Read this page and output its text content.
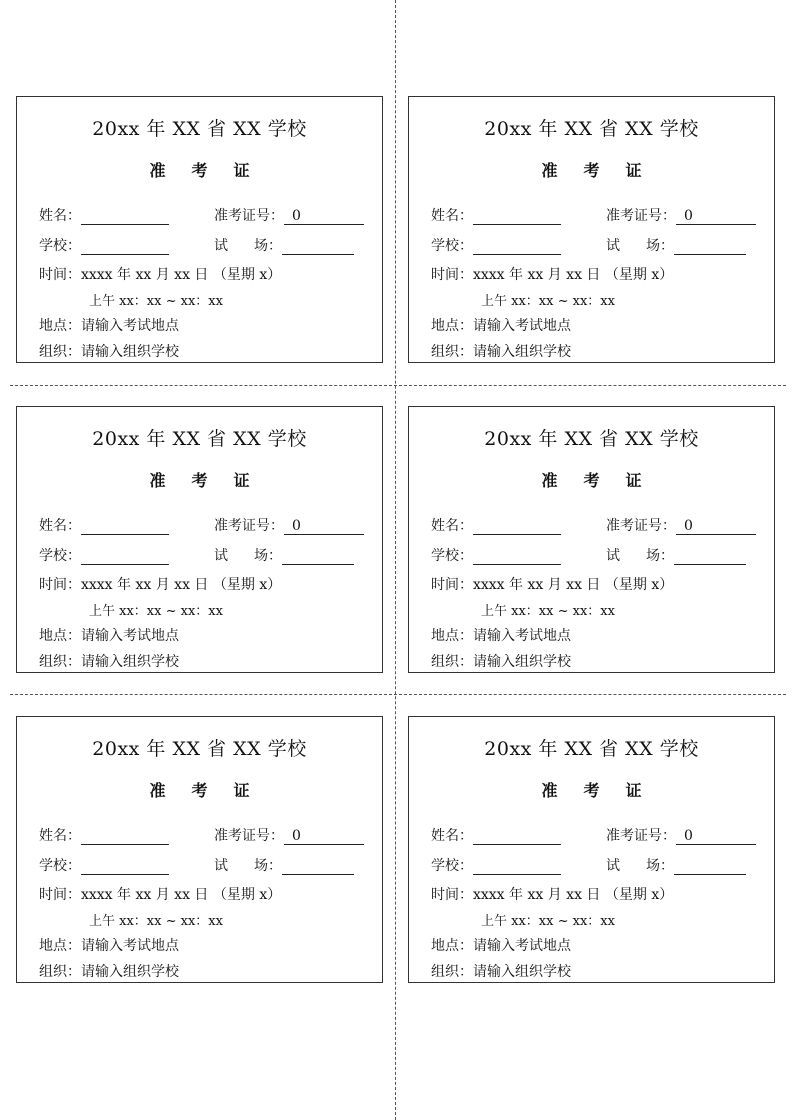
20xx 年 XX 省 XX 学校
准考证
姓名：	准考证号： 0
学校：	试 场：
时间：xxxx 年 xx 月 xx 日 （星期 x）
上午 xx：xx ~ xx：xx
地点：请输入考试地点
组织：请输入组织学校
20xx 年 XX 省 XX 学校
准考证
姓名：	准考证号： 0
学校：	试 场：
时间：xxxx 年 xx 月 xx 日 （星期 x）
上午 xx：xx ~ xx：xx
地点：请输入考试地点
组织：请输入组织学校
20xx 年 XX 省 XX 学校
准考证
姓名：	准考证号： 0
学校：	试 场：
时间：xxxx 年 xx 月 xx 日 （星期 x）
上午 xx：xx ~ xx：xx
地点：请输入考试地点
组织：请输入组织学校
20xx 年 XX 省 XX 学校
准考证
姓名：	准考证号： 0
学校：	试 场：
时间：xxxx 年 xx 月 xx 日 （星期 x）
上午 xx：xx ~ xx：xx
地点：请输入考试地点
组织：请输入组织学校
20xx 年 XX 省 XX 学校
准考证
姓名：	准考证号： 0
学校：	试 场：
时间：xxxx 年 xx 月 xx 日 （星期 x）
上午 xx：xx ~ xx：xx
地点：请输入考试地点
组织：请输入组织学校
20xx 年 XX 省 XX 学校
准考证
姓名：	准考证号： 0
学校：	试 场：
时间：xxxx 年 xx 月 xx 日 （星期 x）
上午 xx：xx ~ xx：xx
地点：请输入考试地点
组织：请输入组织学校
